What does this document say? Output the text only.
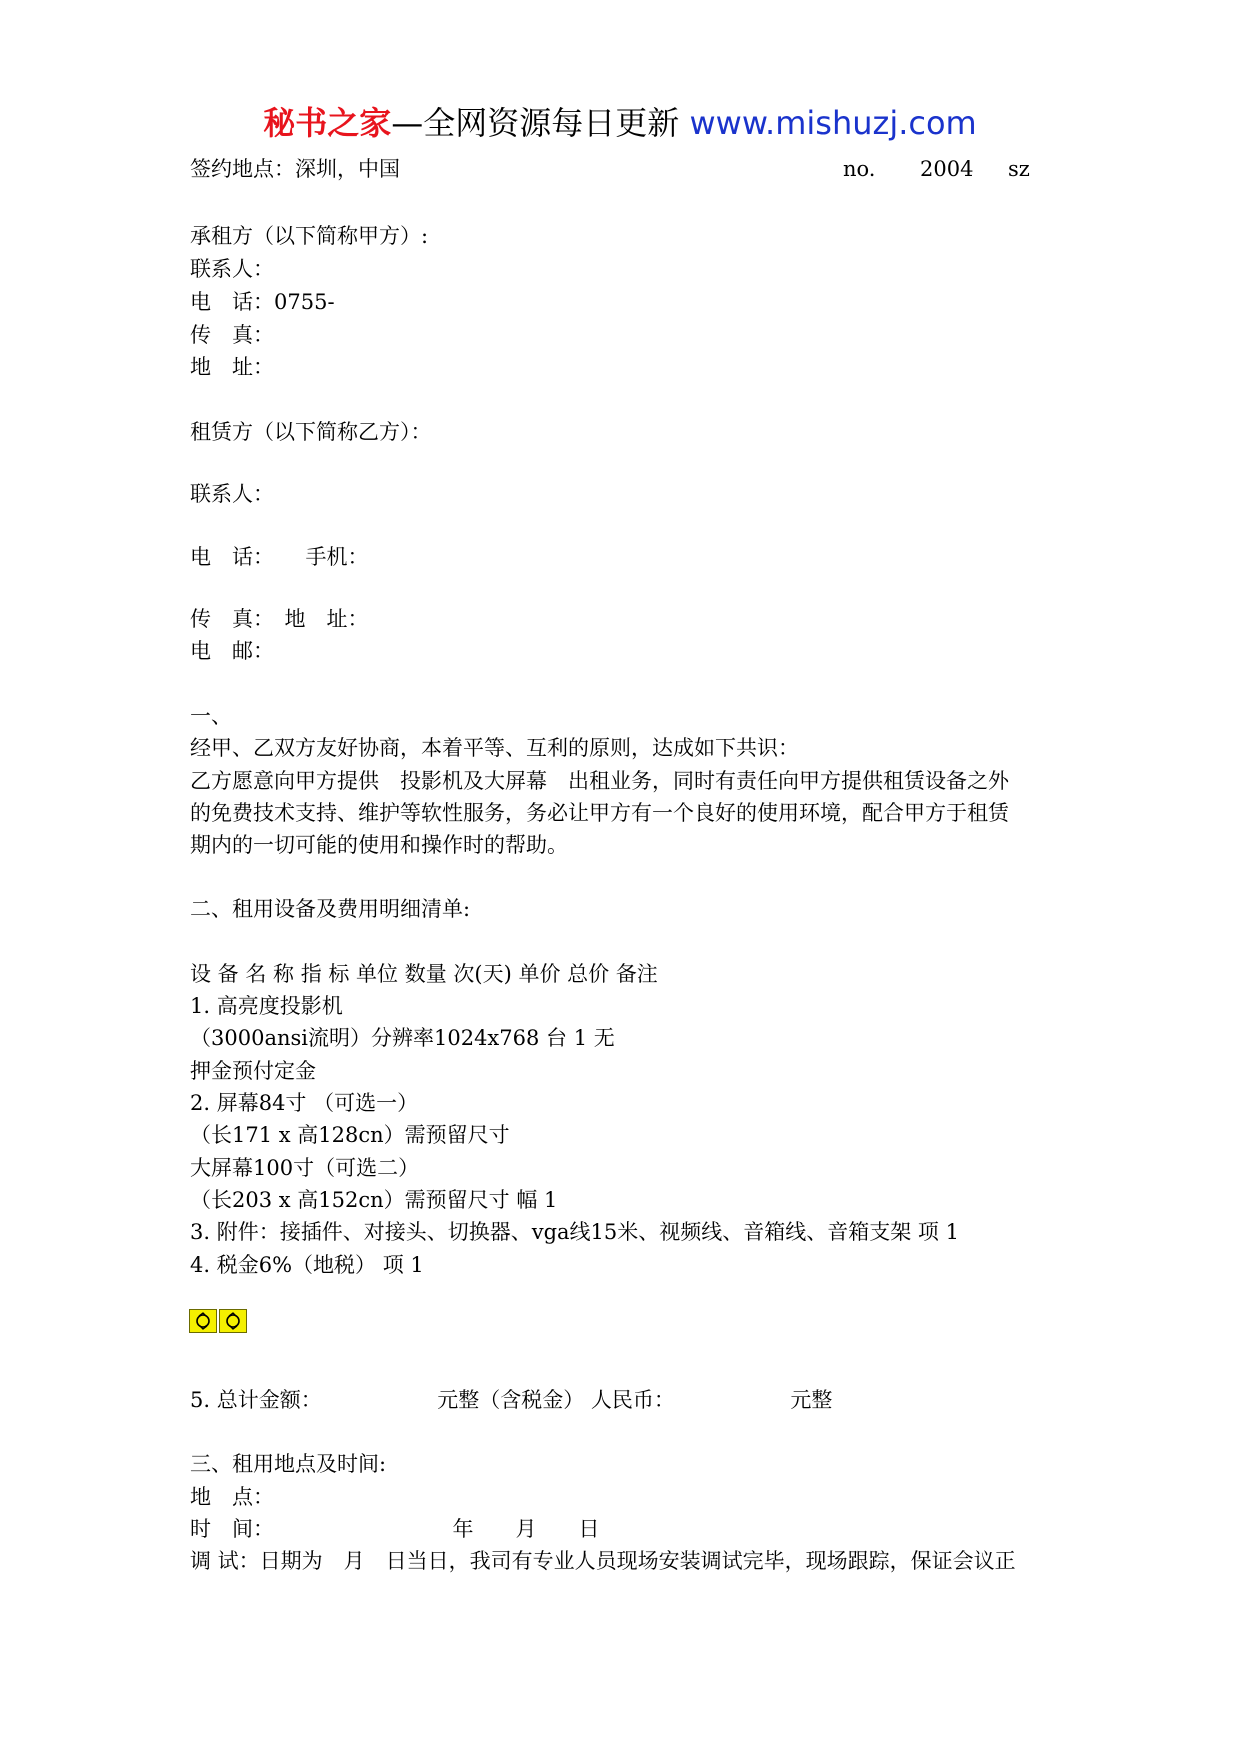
秘书之家—全网资源每日更新 www.mishuzj.com
签约地点：深圳，中国	no. 2004 sz
承租方（以下简称甲方）:
联系人：
电　话：0755-
传　真：
地　址：
租赁方（以下简称乙方）：
联系人：
电　话：　　手机：
传　真：　地　址：
电　邮：
一、
经甲、乙双方友好协商，本着平等、互利的原则，达成如下共识：
乙方愿意向甲方提供　投影机及大屏幕　出租业务，同时有责任向甲方提供租赁设备之外
的免费技术支持、维护等软性服务，务必让甲方有一个良好的使用环境，配合甲方于租赁
期内的一切可能的使用和操作时的帮助。
二、租用设备及费用明细清单:
设 备 名 称 指 标 单位 数量 次(天) 单价 总价 备注
1. 高亮度投影机
（3000ansi流明）分辨率1024x768 台 1 无
押金预付定金
2. 屏幕84寸 （可选一）
（长171 x 高128cn）需预留尺寸
大屏幕100寸（可选二）
（长203 x 高152cn）需预留尺寸 幅 1
3. 附件：接插件、对接头、切换器、vga线15米、视频线、音箱线、音箱支架 项 1
4. 税金6%（地税） 项 1
5. 总计金额：　　　　　　元整（含税金） 人民币：　　　　　　元整
三、租用地点及时间:
地　点：
时　间：　　　　　　　　　年　　月　　日
调 试：日期为　月　日当日，我司有专业人员现场安装调试完毕，现场跟踪，保证会议正
